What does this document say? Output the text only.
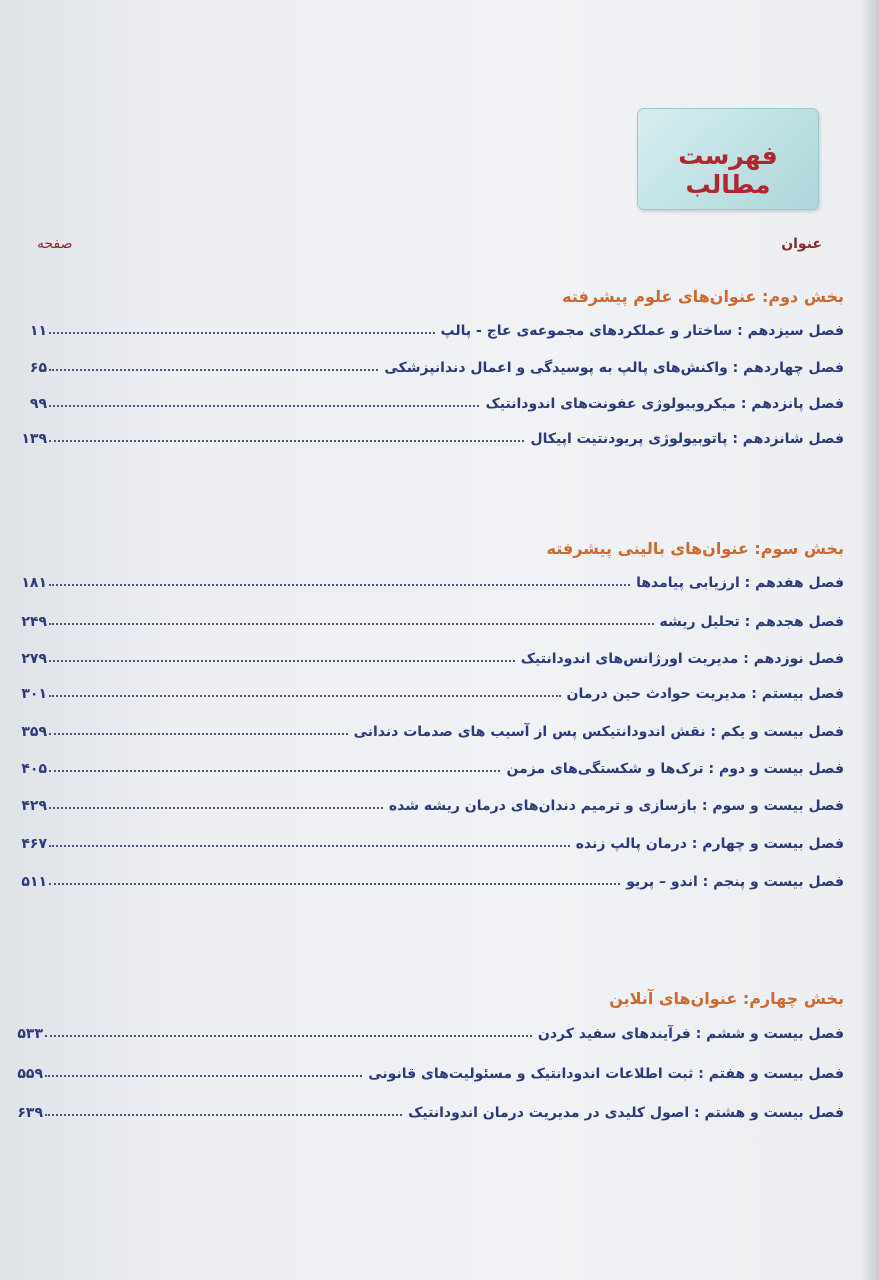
فهرست مطالب
عنوان
صفحه
بخش دوم: عنوان‌های علوم پیشرفته
فصل سیزدهم : ساختار و عملکردهای مجموعه‌ی عاج - پالپ
۱۱
فصل چهاردهم : واکنش‌های پالپ به پوسیدگی و اعمال دندانپزشکی
۶۵
فصل پانزدهم : میکروبیولوژی عفونت‌های اندودانتیک
۹۹
فصل شانزدهم : پاتوبیولوژی پریودنتیت اپیکال
۱۳۹
بخش سوم: عنوان‌های بالینی پیشرفته
فصل هفدهم : ارزیابی پیامدها
۱۸۱
فصل هجدهم : تحلیل ریشه
۲۴۹
فصل نوزدهم : مدیریت اورژانس‌های اندودانتیک
۲۷۹
فصل بیستم : مدیریت حوادث حین درمان
۳۰۱
فصل بیست و یکم : نقش اندودانتیکس پس از آسیب های صدمات دندانی
۳۵۹
فصل بیست و دوم : ترک‌ها و شکستگی‌های مزمن
۴۰۵
فصل بیست و سوم : بازسازی و ترمیم دندان‌های درمان ریشه شده
۴۲۹
فصل بیست و چهارم : درمان پالپ زنده
۴۶۷
فصل بیست و پنجم : اندو – پریو
۵۱۱
بخش چهارم: عنوان‌های آنلاین
فصل بیست و ششم : فرآیندهای سفید کردن
۵۳۳
فصل بیست و هفتم : ثبت اطلاعات اندودانتیک و مسئولیت‌های قانونی
۵۵۹
فصل بیست و هشتم : اصول کلیدی در مدیریت درمان اندودانتیک
۶۳۹
